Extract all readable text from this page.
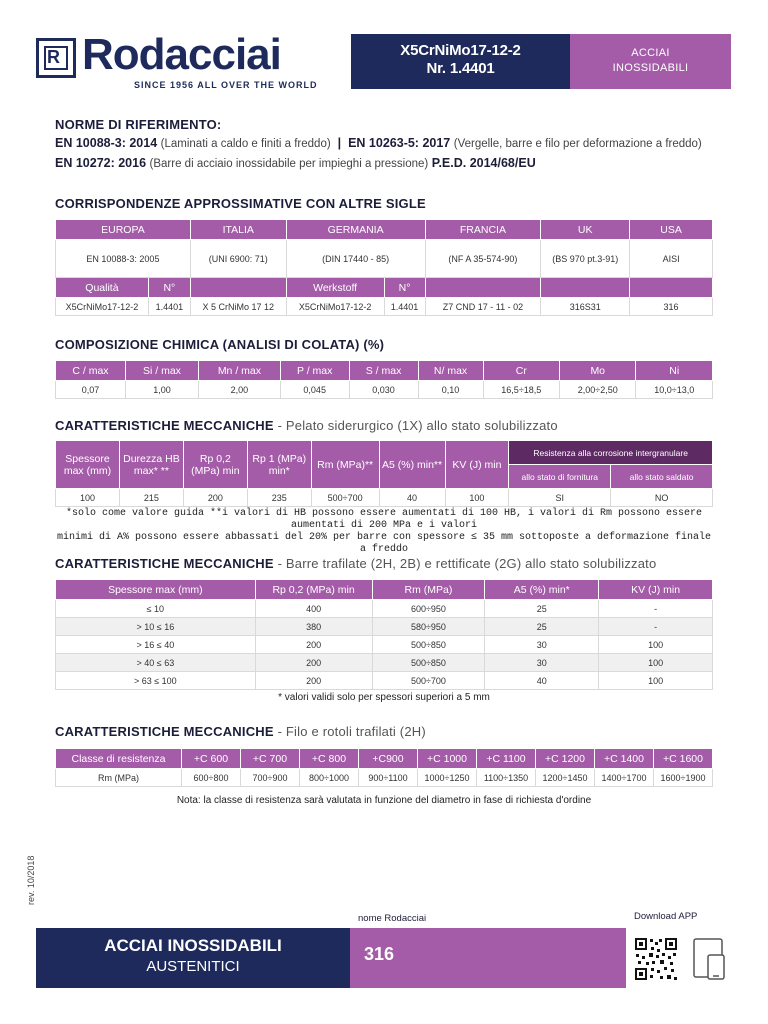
R Rodacciai
SINCE 1956 ALL OVER THE WORLD
X5CrNiMo17-12-2
Nr. 1.4401
ACCIAI
INOSSIDABILI
NORME DI RIFERIMENTO:
EN 10088-3: 2014 (Laminati a caldo e finiti a freddo) | EN 10263-5: 2017 (Vergelle, barre e filo per deformazione a freddo)
EN 10272: 2016 (Barre di acciaio inossidabile per impieghi a pressione) P.E.D. 2014/68/EU
CORRISPONDENZE APPROSSIMATIVE CON ALTRE SIGLE
EUROPA		ITALIA	GERMANIA		FRANCIA	UK	USA
EN 10088-3: 2005		(UNI 6900: 71)	(DIN 17440 - 85)		(NF A 35-574-90)	(BS 970 pt.3-91)	AISI
Qualità	N°		Werkstoff	N°			
X5CrNiMo17-12-2	1.4401	X 5 CrNiMo 17 12	X5CrNiMo17-12-2	1.4401	Z7 CND 17 - 11 - 02	316S31	316
COMPOSIZIONE CHIMICA (ANALISI DI COLATA) (%)
C / max	Si / max	Mn / max	P / max	S / max	N/ max	Cr	Mo	Ni
0,07	1,00	2,00	0,045	0,030	0,10	16,5÷18,5	2,00÷2,50	10,0÷13,0
CARATTERISTICHE MECCANICHE - Pelato siderurgico (1X) allo stato solubilizzato
Spessore max (mm)	Durezza HB max* **	Rp 0,2 (MPa) min	Rp 1 (MPa) min*	Rm (MPa)**	A5 (%) min**	KV (J) min	Resistenza alla corrosione intergranulare	
							allo stato di fornitura	allo stato saldato
100	215	200	235	500÷700	40	100	SI	NO
*solo come valore guida **i valori di HB possono essere aumentati di 100 HB, i valori di Rm possono essere aumentati di 200 MPa e i valori
minimi di A% possono essere abbassati del 20% per barre con spessore ≤ 35 mm sottoposte a deformazione finale a freddo
CARATTERISTICHE MECCANICHE - Barre trafilate (2H, 2B) e rettificate (2G) allo stato solubilizzato
Spessore max (mm)	Rp 0,2 (MPa) min	Rm (MPa)	A5 (%) min*	KV (J) min
≤ 10	400	600÷950	25	-
> 10 ≤ 16	380	580÷950	25	-
> 16 ≤ 40	200	500÷850	30	100
> 40 ≤ 63	200	500÷850	30	100
> 63 ≤ 100	200	500÷700	40	100
* valori validi solo per spessori superiori a 5 mm
CARATTERISTICHE MECCANICHE - Filo e rotoli trafilati (2H)
Classe di resistenza	+C 600	+C 700	+C 800	+C900	+C 1000	+C 1100	+C 1200	+C 1400	+C 1600
Rm (MPa)	600÷800	700÷900	800÷1000	900÷1100	1000÷1250	1100÷1350	1200÷1450	1400÷1700	1600÷1900
Nota: la classe di resistenza sarà valutata in funzione del diametro in fase di richiesta d'ordine
rev. 10/2018
nome Rodacciai	Download APP
ACCIAI INOSSIDABILI
AUSTENITICI
316
